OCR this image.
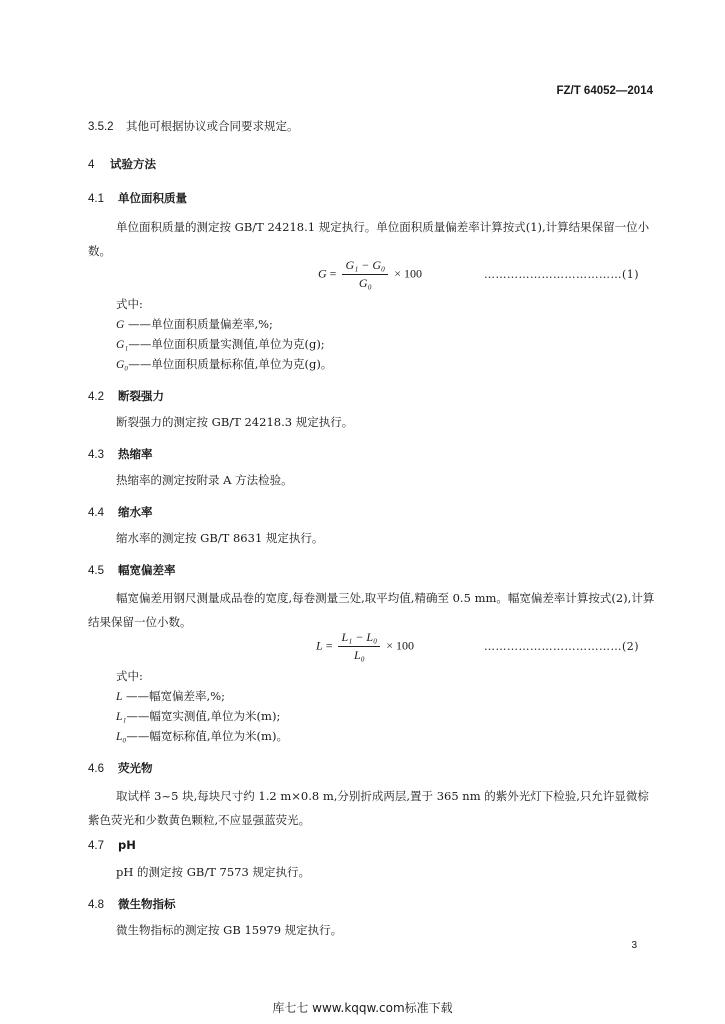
FZ/T 64052—2014
3.5.2 其他可根据协议或合同要求规定。
4 试验方法
4.1 单位面积质量
单位面积质量的测定按 GB/T 24218.1 规定执行。单位面积质量偏差率计算按式(1),计算结果保留一位小数。
$G = \frac{\text{G₁ − G₀}}{\text{G₀}} \times 100$	………………………………(1)
式中:
G ——单位面积质量偏差率,%;
G₁——单位面积质量实测值,单位为克(g);
G₀——单位面积质量标称值,单位为克(g)。
4.2 断裂强力
断裂强力的测定按 GB/T 24218.3 规定执行。
4.3 热缩率
热缩率的测定按附录 A 方法检验。
4.4 缩水率
缩水率的测定按 GB/T 8631 规定执行。
4.5 幅宽偏差率
幅宽偏差用钢尺测量成品卷的宽度,每卷测量三处,取平均值,精确至 0.5 mm。幅宽偏差率计算按式(2),计算结果保留一位小数。
$L = \frac{\text{L₁ − L₀}}{\text{L₀}} \times 100$	………………………………(2)
式中:
L ——幅宽偏差率,%;
L₁——幅宽实测值,单位为米(m);
L₀——幅宽标称值,单位为米(m)。
4.6 荧光物
取试样 3~5 块,每块尺寸约 1.2 m×0.8 m,分别折成两层,置于 365 nm 的紫外光灯下检验,只允许显微棕紫色荧光和少数黄色颗粒,不应显强蓝荧光。
4.7 pH
pH 的测定按 GB/T 7573 规定执行。
4.8 微生物指标
微生物指标的测定按 GB 15979 规定执行。
3
库七七 www.kqqw.com标准下载
